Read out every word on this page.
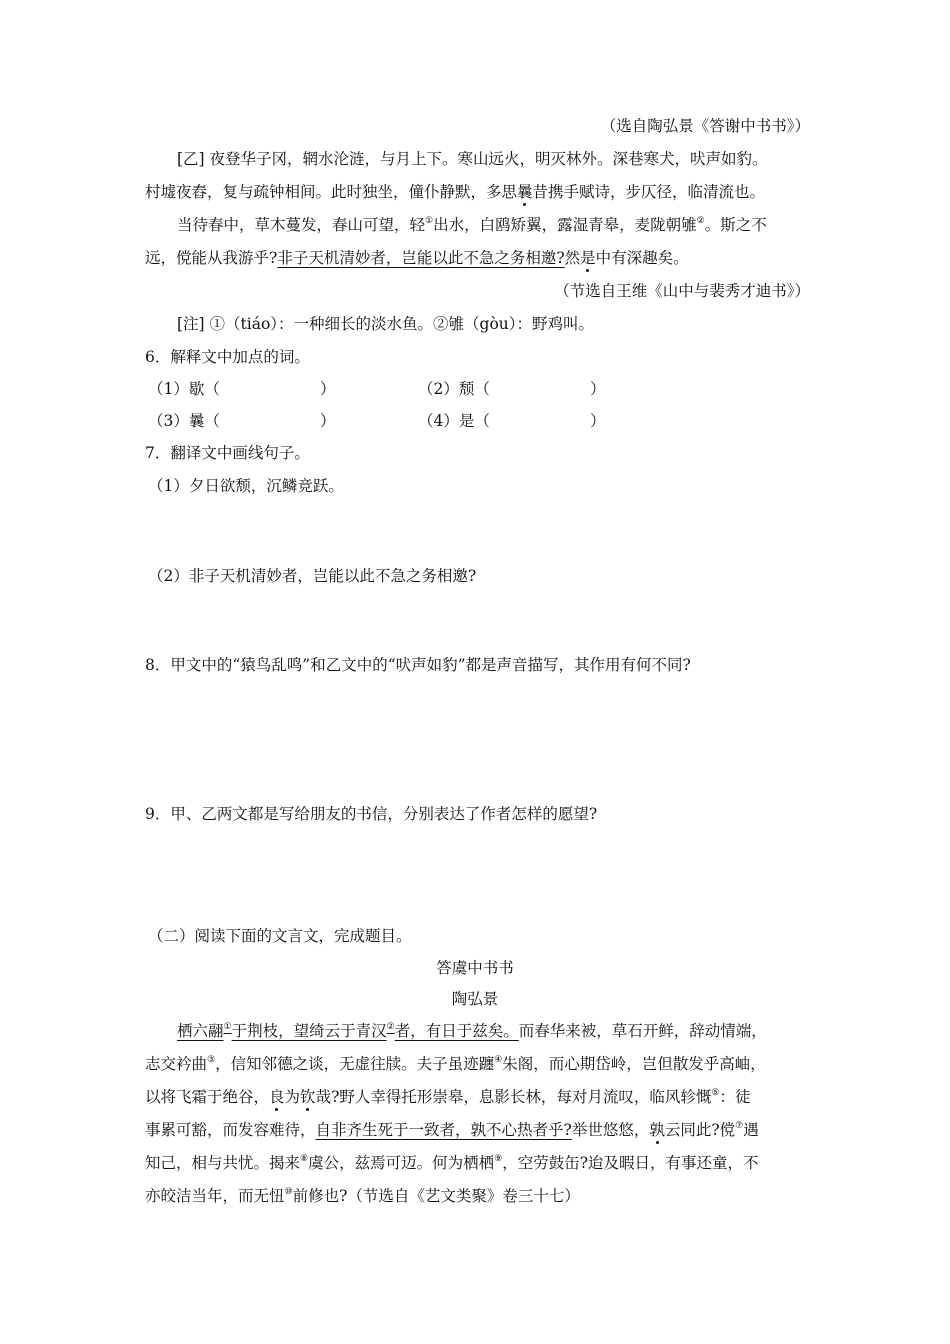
（选自陶弘景《答谢中书书》）
[乙] 夜登华子冈，辋水沦涟，与月上下。寒山远火，明灭林外。深巷寒犬，吠声如豹。
村墟夜舂，复与疏钟相间。此时独坐，僮仆静默，多思曩昔携手赋诗，步仄径，临清流也。
当待春中，草木蔓发，春山可望，轻①出水，白鸥矫翼，露湿青皋，麦陇朝雊②。斯之不
远，傥能从我游乎?非子天机清妙者，岂能以此不急之务相邀?然是中有深趣矣。
（节选自王维《山中与裴秀才迪书》）
[注] ①（tiáo）：一种细长的淡水鱼。②雊（gòu）：野鸡叫。
6．解释文中加点的词。
（1）歇（	）	（2）颓（	）
（3）曩（	）	（4）是（	）
7．翻译文中画线句子。
（1）夕日欲颓，沉鳞竞跃。
（2）非子天机清妙者，岂能以此不急之务相邀?
8．甲文中的“猿鸟乱鸣”和乙文中的“吠声如豹”都是声音描写，其作用有何不同?
9．甲、乙两文都是写给朋友的书信，分别表达了作者怎样的愿望?
（二）阅读下面的文言文，完成题目。
答虞中书书
陶弘景
栖六翮①于荆枝，望绮云于青汉②者，有日于兹矣。而春华来被，草石开鲜，辞动情端，
志交衿曲③，信知邻德之谈，无虚往牍。夫子虽迹躔④朱阁，而心期岱岭，岂但散发乎高岫，
以将飞霜于绝谷，良为钦哉?野人幸得托形崇皋，息影长林，每对月流叹，临风轸慨⑤：徒
事累可豁，而发容难待，自非齐生死于一致者，孰不心热者乎?举世悠悠，孰云同此?傥⑦遇
知己，相与共忧。揭来⑧虞公，兹焉可迈。何为栖栖⑨，空劳鼓缶?迨及暇日，有事还童，不
亦皎洁当年，而无忸⑩前修也?（节选自《艺文类聚》卷三十七）
